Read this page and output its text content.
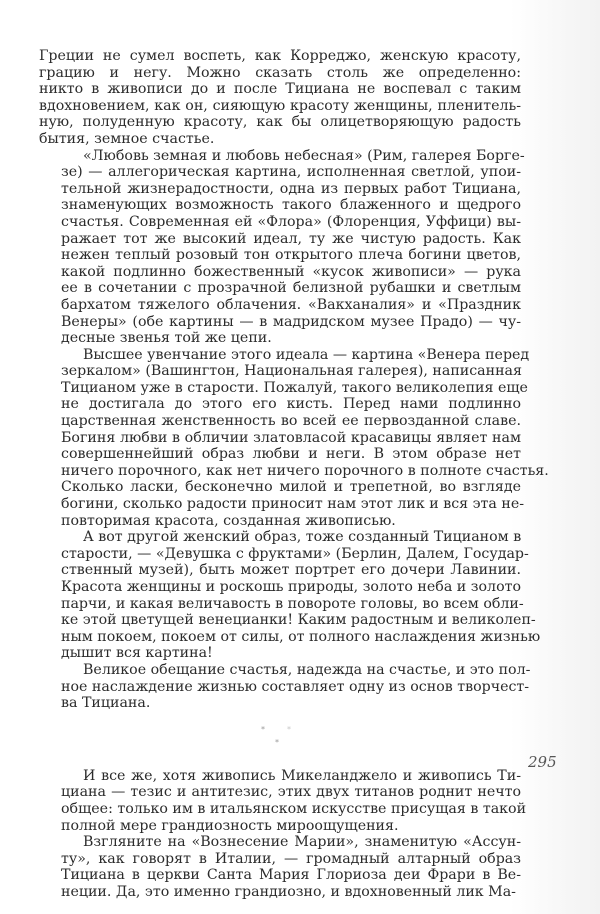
Греции не сумел воспеть, как Корреджо, женскую красоту,
грацию и негу. Можно сказать столь же определенно:
никто в живописи до и после Тициана не воспевал с таким
вдохновением, как он, сияющую красоту женщины, пленитель-
ную, полуденную красоту, как бы олицетворяющую радость
бытия, земное счастье.

«Любовь земная и любовь небесная» (Рим, галерея Борге-
зе) — аллегорическая картина, исполненная светлой, упои-
тельной жизнерадостности, одна из первых работ Тициана,
знаменующих возможность такого блаженного и щедрого
счастья. Современная ей «Флора» (Флоренция, Уффици) вы-
ражает тот же высокий идеал, ту же чистую радость. Как
нежен теплый розовый тон открытого плеча богини цветов,
какой подлинно божественный «кусок живописи» — рука
ее в сочетании с прозрачной белизной рубашки и светлым
бархатом тяжелого облачения. «Вакханалия» и «Праздник
Венеры» (обе картины — в мадридском музее Прадо) — чу-
десные звенья той же цепи.

Высшее увенчание этого идеала — картина «Венера перед
зеркалом» (Вашингтон, Национальная галерея), написанная
Тицианом уже в старости. Пожалуй, такого великолепия еще
не достигала до этого его кисть. Перед нами подлинно
царственная женственность во всей ее первозданной славе.
Богиня любви в обличии златовласой красавицы являет нам
совершеннейший образ любви и неги. В этом образе нет
ничего порочного, как нет ничего порочного в полноте счастья.
Сколько ласки, бесконечно милой и трепетной, во взгляде
богини, сколько радости приносит нам этот лик и вся эта не-
повторимая красота, созданная живописью.

А вот другой женский образ, тоже созданный Тицианом в
старости, — «Девушка с фруктами» (Берлин, Далем, Государ-
ственный музей), быть может портрет его дочери Лавинии.
Красота женщины и роскошь природы, золото неба и золото
парчи, и какая величавость в повороте головы, во всем обли-
ке этой цветущей венецианки! Каким радостным и великолеп-
ным покоем, покоем от силы, от полного наслаждения жизнью
дышит вся картина!

Великое обещание счастья, надежда на счастье, и это пол-
ное наслаждение жизнью составляет одну из основ творчест-
ва Тициана.

*	*
*

И все же, хотя живопись Микеланджело и живопись Ти-
циана — тезис и антитезис, этих двух титанов роднит нечто
общее: только им в итальянском искусстве присущая в такой
полной мере грандиозность мироощущения.

Взгляните на «Вознесение Марии», знаменитую «Ассун-
ту», как говорят в Италии, — громадный алтарный образ
Тициана в церкви Санта Мария Глориоза деи Фрари в Ве-
неции. Да, это именно грандиозно, и вдохновенный лик Ма-

295
